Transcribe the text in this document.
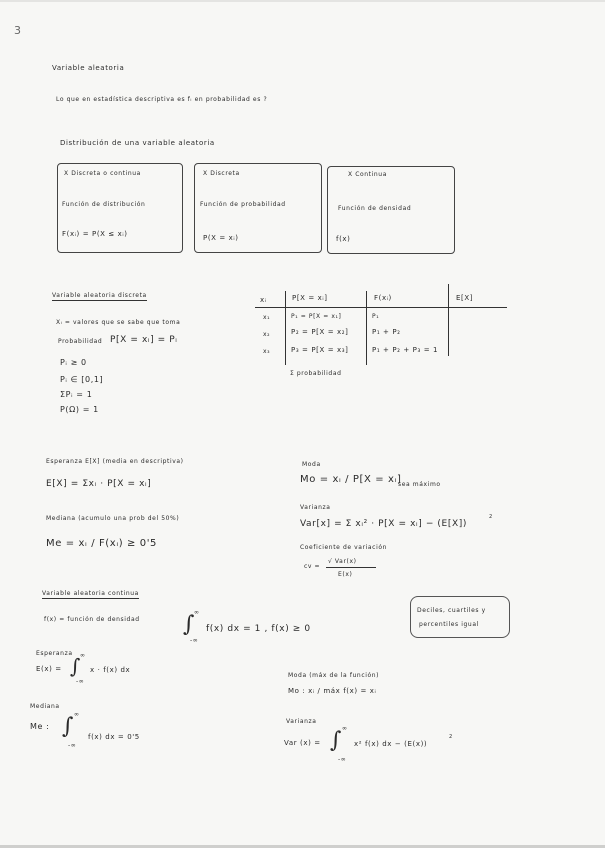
3
Variable aleatoria
Lo que en estadística descriptiva es fᵢ en probabilidad es ?
Distribución de una variable aleatoria
X Discreta o continua
Función de distribución
F(xᵢ) = P(X ≤ xᵢ)
X Discreta
Función de probabilidad
P(X = xᵢ)
X Continua
Función de densidad
f(x)
Variable aleatoria discreta
Xᵢ = valores que se sabe que toma
Probabilidad P[X = xᵢ] = Pᵢ
Pᵢ ≥ 0
Pᵢ ∈ [0,1]
ΣPᵢ = 1
P(Ω) = 1
xᵢ	P[X = xᵢ]	F(xᵢ)	E[X]
x₁	P₁ = P[X = x₁]	P₁
x₂	P₂ = P[X = x₂]	P₁ + P₂
x₃	P₃ = P[X = x₃]	P₁ + P₂ + P₃ = 1
Σ probabilidad
Esperanza E[X] (media en descriptiva)
E[X] = Σxᵢ · P[X = xᵢ]
Mediana (acumulo una prob del 50%)
Me = xᵢ / F(xᵢ) ≥ 0'5
Moda
Mo = xᵢ / P[X = xᵢ]
sea máximo
Varianza
Var[x] = Σ xᵢ² · P[X = xᵢ] − (E[X])
2
Coeficiente de variación
cv =
√ Var(x)
E(x)
Variable aleatoria continua
f(x) = función de densidad ∫ ∞
-∞
f(x) dx = 1 , f(x) ≥ 0
Deciles, cuartiles y
percentiles igual
Esperanza
E(x) = ∫ ∞
-∞
x · f(x) dx
Mediana
Me : ∫ ∞
-∞
f(x) dx = 0'5
Moda (máx de la función)
Mo : xᵢ / máx f(x) = xᵢ
Varianza
Var (x) = ∫ ∞
-∞
x² f(x) dx − (E(x))
2
